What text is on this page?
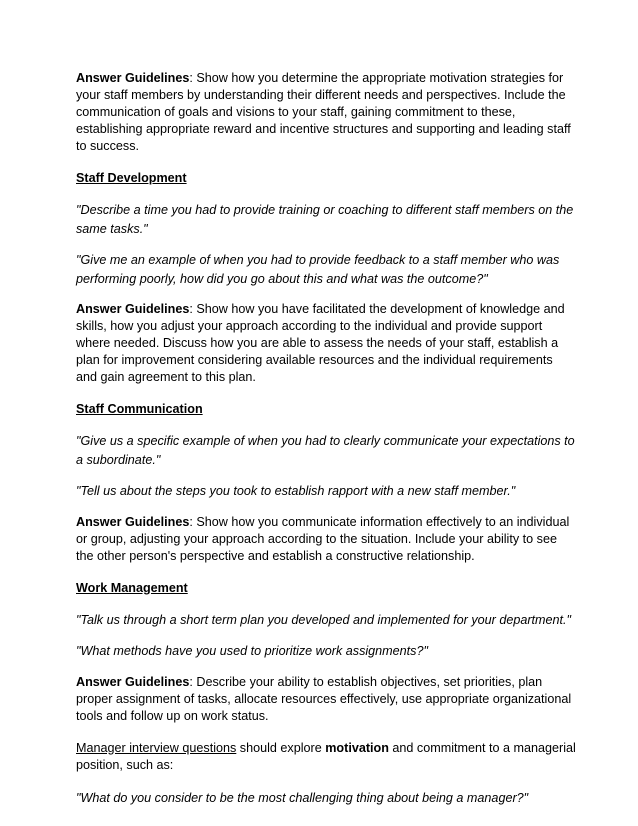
Answer Guidelines: Show how you determine the appropriate motivation strategies for your staff members by understanding their different needs and perspectives. Include the communication of goals and visions to your staff, gaining commitment to these, establishing appropriate reward and incentive structures and supporting and leading staff to success.

Staff Development

"Describe a time you had to provide training or coaching to different staff members on the same tasks."

"Give me an example of when you had to provide feedback to a staff member who was performing poorly, how did you go about this and what was the outcome?"

Answer Guidelines: Show how you have facilitated the development of knowledge and skills, how you adjust your approach according to the individual and provide support where needed. Discuss how you are able to assess the needs of your staff, establish a plan for improvement considering available resources and the individual requirements and gain agreement to this plan.

Staff Communication

"Give us a specific example of when you had to clearly communicate your expectations to a subordinate."

"Tell us about the steps you took to establish rapport with a new staff member."

Answer Guidelines: Show how you communicate information effectively to an individual or group, adjusting your approach according to the situation. Include your ability to see the other person's perspective and establish a constructive relationship.

Work Management

"Talk us through a short term plan you developed and implemented for your department."

"What methods have you used to prioritize work assignments?"

Answer Guidelines: Describe your ability to establish objectives, set priorities, plan proper assignment of tasks, allocate resources effectively, use appropriate organizational tools and follow up on work status.

Manager interview questions should explore motivation and commitment to a managerial position, such as:

"What do you consider to be the most challenging thing about being a manager?"
